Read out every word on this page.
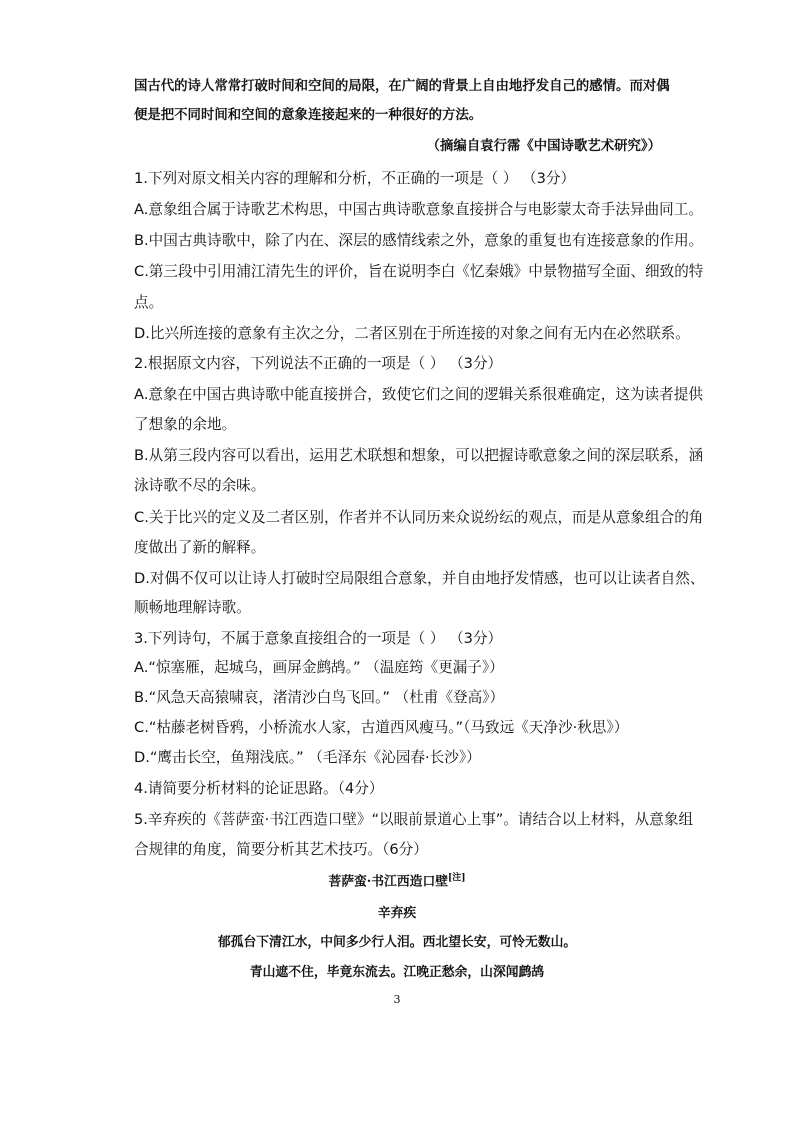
国古代的诗人常常打破时间和空间的局限，在广阔的背景上自由地抒发自己的感情。而对偶
便是把不同时间和空间的意象连接起来的一种很好的方法。
（摘编自袁行霈《中国诗歌艺术研究》）
1.下列对原文相关内容的理解和分析，不正确的一项是（ ） （3分）
A.意象组合属于诗歌艺术构思，中国古典诗歌意象直接拼合与电影蒙太奇手法异曲同工。
B.中国古典诗歌中，除了内在、深层的感情线索之外，意象的重复也有连接意象的作用。
C.第三段中引用浦江清先生的评价，旨在说明李白《忆秦娥》中景物描写全面、细致的特
点。
D.比兴所连接的意象有主次之分，二者区别在于所连接的对象之间有无内在必然联系。
2.根据原文内容，下列说法不正确的一项是（ ） （3分）
A.意象在中国古典诗歌中能直接拼合，致使它们之间的逻辑关系很难确定，这为读者提供
了想象的余地。
B.从第三段内容可以看出，运用艺术联想和想象，可以把握诗歌意象之间的深层联系，涵
泳诗歌不尽的余味。
C.关于比兴的定义及二者区别，作者并不认同历来众说纷纭的观点，而是从意象组合的角
度做出了新的解释。
D.对偶不仅可以让诗人打破时空局限组合意象，并自由地抒发情感，也可以让读者自然、
顺畅地理解诗歌。
3.下列诗句，不属于意象直接组合的一项是（ ） （3分）
A.“惊塞雁，起城乌，画屏金鹧鸪。” （温庭筠《更漏子》）
B.“风急天高猿啸哀，渚清沙白鸟飞回。” （杜甫《登高》）
C.“枯藤老树昏鸦，小桥流水人家，古道西风瘦马。”（马致远《天净沙·秋思》）
D.“鹰击长空，鱼翔浅底。” （毛泽东《沁园春·长沙》）
4.请简要分析材料的论证思路。（4分）
5.辛弃疾的《菩萨蛮·书江西造口壁》“以眼前景道心上事”。请结合以上材料，从意象组
合规律的角度，简要分析其艺术技巧。（6分）
菩萨蛮·书江西造口壁[注]
辛弃疾
郁孤台下清江水，中间多少行人泪。西北望长安，可怜无数山。
青山遮不住，毕竟东流去。江晚正愁余，山深闻鹧鸪
3
